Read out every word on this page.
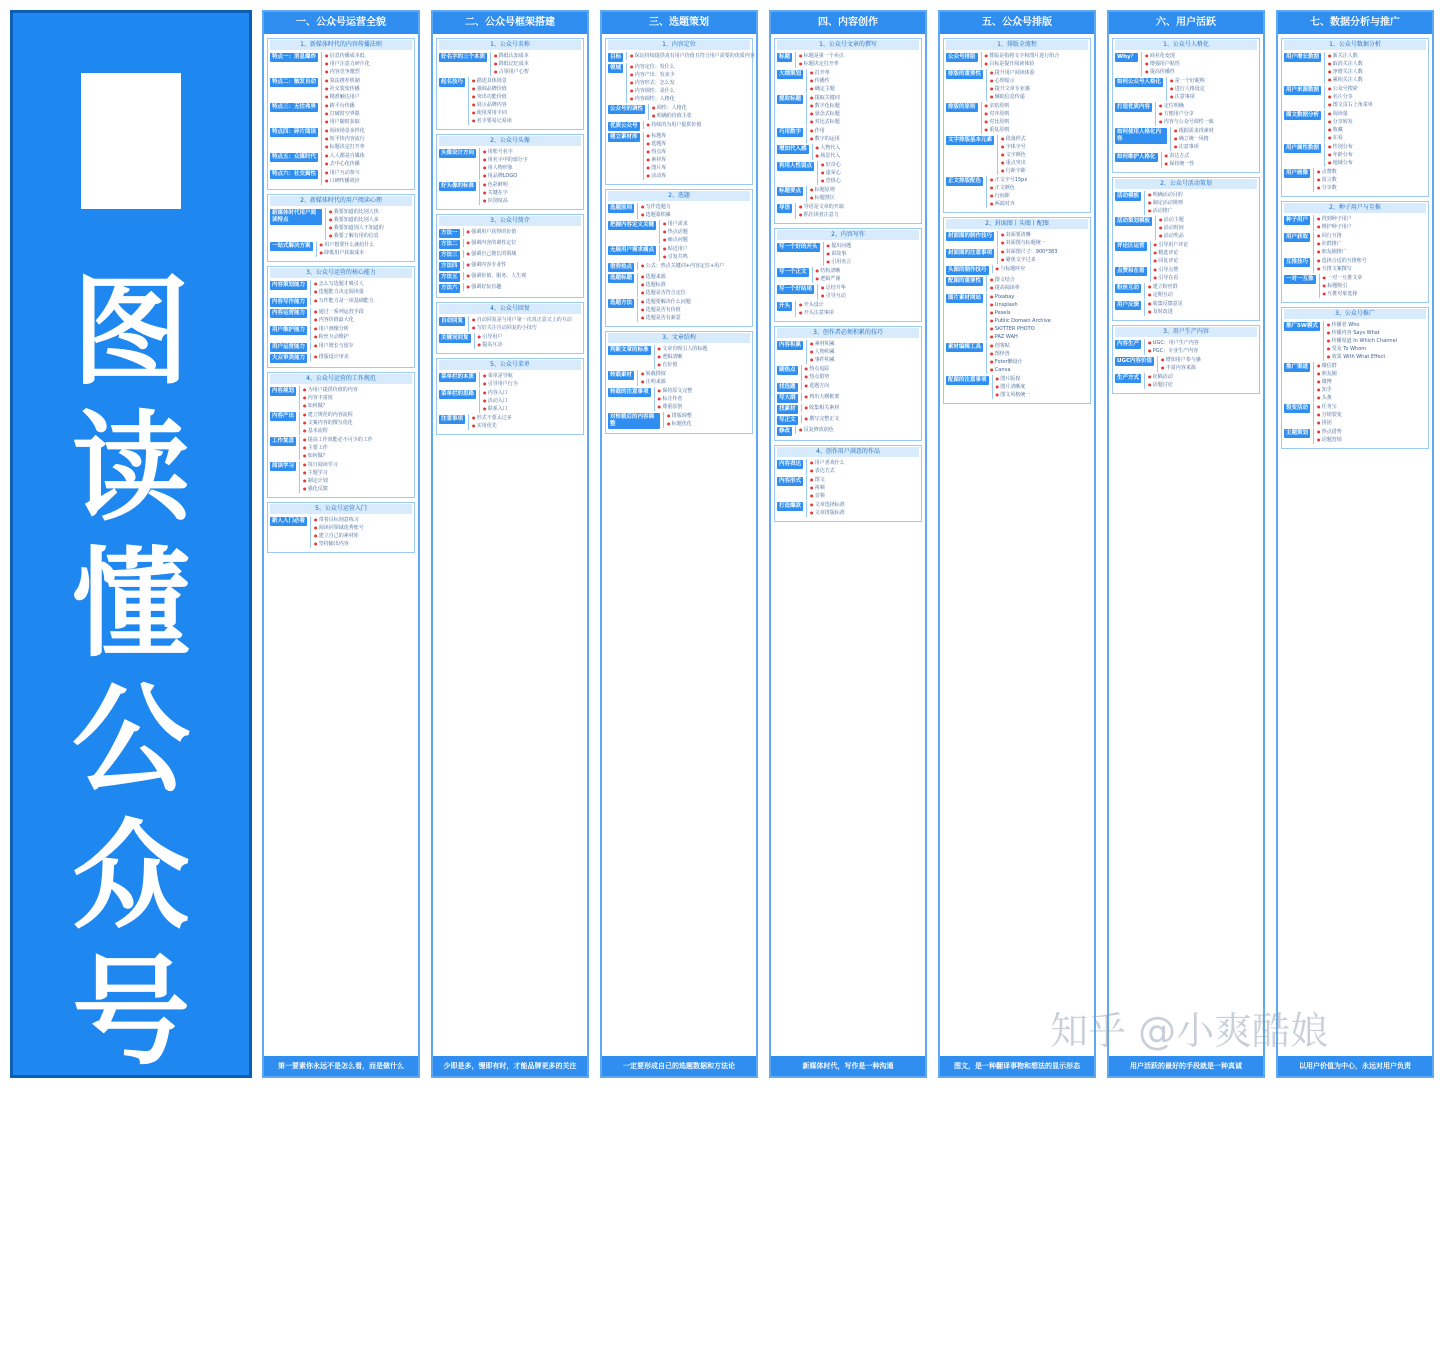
图
读
懂
公
众
号
运
营
一、公众号运营全貌
1、新媒体时代的内容传播法则
特点一：消息爆炸	● 信息传播成本低
● 用户注意力碎片化
● 内容竞争激烈
特点二：触发自动	● 算法推荐机制
● 社交裂变传播
● 精准触达用户
特点三：无往弗界	● 跨平台传播
● 打破时空界限
● 用户随时获取
特点四：碎片阅读	● 阅读场景多样化
● 短平快内容流行
● 标题决定打开率
特点五：众媒时代	● 人人都是自媒体
● 去中心化传播
特点六：社交属性	● 用户互动参与
● 口碑传播效应
2、新媒体时代的用户阅读心理
新媒体时代用户阅读特点
● 我要知道的比别人快
● 我要知道的比别人多
● 我要知道别人不知道的
● 我要了解有用的信息
一站式解决方案	● 用户想要什么就给什么
● 降低用户获取成本
3、公众号运营的核心能力
内容策划能力	● 怎么写选题才吸引人
● 选题能力决定阅读量
内容写作能力	● 写作能力是一项基础能力
内容运营能力	● 通过一系列运营手段
● 内容价值最大化
用户维护能力	● 用户画像分析
● 粉丝互动维护
用户运营能力	● 用户增长与留存
大众审美能力	● 排版设计审美
4、公众号运营的工作规范
内容规划	● 为用户提供价值的内容
● 内容丰富度
● 如何做？
内容产出	● 建立规范的内容流程
● 文案内容的撰写优化
● 基本流程
工作复盘	● 提高工作效能必不可少的工作
● 主要工作
● 如何做？
阅读学习	● 每日阅读学习
● 主题学习
● 制定计划
● 强化反馈
5、公众号运营入门
新人入门必看	● 带着目标刻意练习
● 阅读同领域优秀账号
● 建立自己的素材库
● 坚持输出内容
第一要素你永远不是怎么看，而是做什么
二、公众号框架搭建
1、公众号名称
好名字的三个本质	● 降低认知成本
● 降低记忆成本
● 占领用户心智
起名技巧	● 描述具体场景
● 强调品牌价值
● 突出功能价值
● 展示品牌内容
● 使用常用字词
● 名字要易记易读
2、公众号头像
头像设计方向	● 用账号名字
● 用名字中的部分字
● 用人物形象
● 用品牌LOGO
好头像的标准	● 色彩鲜明
● 关键在字
● 识别度高
3、公众号简介
方法一	● 强调用户获得的价值
方法二	● 强调内容的调性定位
方法三	● 强调自己擅长的领域
方法四	● 强调内容专业性
方法五	● 强调价值、服务、人生观
方法六	● 强调好玩有趣
4、公众号回复
自动回复	● 自动回复是与用户第一次真正意义上的互动
● 写好关注自动回复的小技巧
关键词回复	● 引导用户
● 提高互动
5、公众号菜单
菜单栏的本质	● 菜单是导航
● 引导用户行为
菜单栏的思路	● 内容入口
● 活动入口
● 联系入口
注意事项	● 形式不要太过多
● 实用优先
少即是多，慢即有时，才能品牌更多的关注
三、选题策划
1、内容定位
目标	● 保证持续提供真有用户价值且符合用户需要的优质内容
领域	● 内容定位：发什么
● 内容产出：发多少
● 内容形式：怎么发
● 内容调性：是什么
● 内容调性：人格化
公众号的调性	● 调性：人格化
● 明确的价值主张
优质公众号	● 持续的为用户提供价值
建立素材库	● 标题库
● 选题库
● 热点库
● 素材库
● 图片库
● 活动库
2、选题
选题原则	● 写作选题力
● 选题靠积累
把握内容定义关键	● 用户需求
● 热点话题
● 痛点问题
无疑用户需求痛点	● 贴近用户
● 引发共鸣
借势热点	● 公式：热点关键词+内容定位+用户
选题标题	● 选题来源
● 选题标准
● 选题是否符合定位
选题方法	● 选题要解决什么问题
● 选题是否有价值
● 选题是否有新意
3、文章结构
判断文章的标准	● 文章有吸引人的标题
● 逻辑清晰
● 有价值
转载素材	● 转载授权
● 注明来源
转载的注意事项	● 保持原文完整
● 标注作者
● 尊重原创
对转载后的内容调整
● 排版调整
● 标题优化
一定要形成自己的选题数据和方法论
四、内容创作
1、公众号文章的撰写
标题	● 标题是第一个卖点
● 标题决定打开率
大纲策划	● 打开率
● 传播性
● 确定主题
提取标题	● 提取关键词
● 数字化标题
● 悬念式标题
● 对比式标题
巧用数字	● 作用
● 数字的运用
增加代入感	● 人物代入
● 场景代入
利用人性弱点	● 好奇心
● 虚荣心
● 恐惧心
标题要点	● 标题原则
● 标题禁区
导语	● 导语是文章的开端
● 抓住读者注意力
2、内容写作
写一个好的开头	● 提出问题
● 讲故事
● 引用名言
写一个正文	● 结构清晰
● 逻辑严谨
写一个好结尾	● 总结升华
● 引导互动
开头	● 开头设计
● 开头注意事项
3、创作者必须积累的技巧
内容积累	● 素材积累
● 人物积累
● 事件积累
刷热点	● 热点追踪
● 热点借势
找选题	● 选题方向
写大纲	● 列出大纲框架
找素材	● 收集相关素材
写正文	● 撰写完整正文
修改	● 反复修改润色
4、创作用户满意的作品
内容表达	● 用户喜欢什么
● 表达方式
内容形式	● 图文
● 视频
● 音频
打造爆款	● 文章选择标准
● 文章排版标准
新媒体时代，写作是一种沟通
五、公众号排版
1、排版全流程
公众号排版	● 排版是指将文字和图片进行组合
● 目标是提升阅读体验
排版的重要性	● 提升用户阅读体验
● 心理暗示
● 提升文章专业感
● 辅助信息传递
排版的原则	● 亲密原则
● 对齐原则
● 对比原则
● 重复原则
文字排版基本元素	● 段落样式
● 字体字号
● 文字颜色
● 重点突出
● 行距字距
正文排版配色	● 正文字号15px
● 正文颜色
● 行间距
● 两端对齐
2、封面图丨头图丨配图
封面图的制作技巧	● 封面要清晰
● 封面图与标题统一
封面图的注意事项	● 封面图尺寸：900*383
● 避免文字过多
头图的制作技巧	● 与标题呼应
配图的重要性	● 图文结合
● 提高阅读率
图片素材网站	● Pixabay
● Unsplash
● Pexels
● Public Domain Archive
● SKITTER PHOTO
● PAZ WAH
素材编辑工具	● 创客贴
● 图怪兽
● Fotor懒设计
● Canva
配图的注意事项	● 图片版权
● 图片清晰度
● 图文风格统一
图文，是一种翻译事物和想法的显示形态
六、用户活跃
1、公众号人格化
Why？	● 商业化变现
● 增强用户粘性
● 提高传播性
如何公众号人格化	● 是一个好昵称
● 进行人格设定
● 注意事项
打造优质内容	● 定位明确
● 方便用户分享
● 内容与公众号调性一致
如何使用人格化内容
● 根据需求找素材
● 确立统一风格
● 注意事项
如何维护人格化	● 表达方式
● 保持统一性
2、公众号活动策划
活动模板	● 明确活动目的
● 制定活动规则
● 活动推广
活动策划模板	● 活动主题
● 活动时间
● 活动奖品
评论区运营	● 引导用户评论
● 精选评论
● 回复评论
点赞和在看	● 引导点赞
● 引导在看
粉丝互动	● 建立粉丝群
● 定期互动
用户反馈	● 收集反馈意见
● 及时改进
3、用户生产内容
内容生产	● UGC：用户生产内容
● PGC：专业生产内容
UGC内容价值	● 增加用户参与感
● 丰富内容来源
生产方式	● 征稿活动
● 话题讨论
用户活跃的最好的手段就是一种真诚
七、数据分析与推广
1、公众号数据分析
用户增长数据	● 新关注人数
● 取消关注人数
● 净增关注人数
● 累积关注人数
用户来源数据	● 公众号搜索
● 名片分享
● 图文页右上角菜单
图文数据分析	● 阅读量
● 分享转发
● 收藏
● 在看
用户属性数据	● 性别分布
● 年龄分布
● 地域分布
用户画像	● 点赞数
● 留言数
● 分享数
2、种子用户与互推
种子用户	● 找到种子用户
● 维护种子用户
用户获取	● 同行互推
● 社群推广
● 朋友圈推广
互推技巧	● 选择合适的互推账号
● 互推文案撰写
一对一互推	● 一对一互推文章
● 标题吸引
● 互推对象选择
3、公众号推广
推广5W模式	● 传播者 Who
● 传播内容 Says What
● 传播渠道 In Which Channel
● 受众 To Whom
● 效果 With What Effect
推广渠道	● 微信群
● 朋友圈
● 微博
● 知乎
● 头条
裂变活动	● 任务宝
● 分销裂变
● 拼团
主题策划	● 热点借势
● 话题营销
以用户价值为中心，永远对用户负责
知乎 @小爽酷娘
